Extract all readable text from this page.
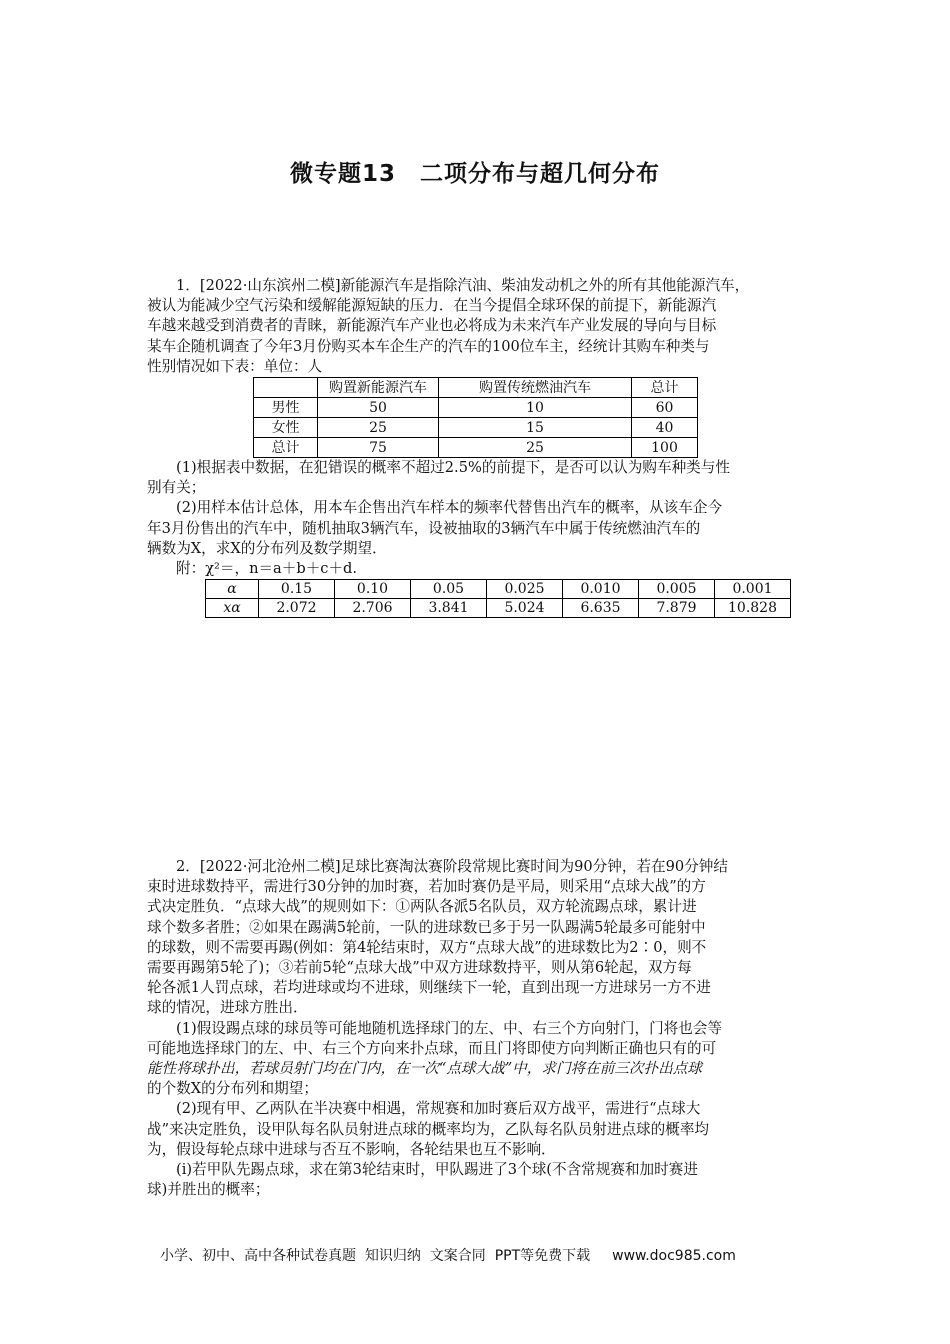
微专题13　二项分布与超几何分布

1．[2022·山东滨州二模]新能源汽车是指除汽油、柴油发动机之外的所有其他能源汽车，

被认为能减少空气污染和缓解能源短缺的压力．在当今提倡全球环保的前提下，新能源汽

车越来越受到消费者的青睐，新能源汽车产业也必将成为未来汽车产业发展的导向与目标

某车企随机调查了今年3月份购买本车企生产的汽车的100位车主，经统计其购车种类与

性别情况如下表：单位：人

	购置新能源汽车	购置传统燃油汽车	总计
男性	50	10	60
女性	25	15	40
总计	75	25	100

(1)根据表中数据，在犯错误的概率不超过2.5%的前提下，是否可以认为购车种类与性

别有关；

(2)用样本估计总体，用本车企售出汽车样本的频率代替售出汽车的概率，从该车企今

年3月份售出的汽车中，随机抽取3辆汽车，设被抽取的3辆汽车中属于传统燃油汽车的

辆数为X，求X的分布列及数学期望．

附：χ²＝，n＝a＋b＋c＋d.

α	0.15	0.10	0.05	0.025	0.010	0.005	0.001
xα	2.072	2.706	3.841	5.024	6.635	7.879	10.828

2．[2022·河北沧州二模]足球比赛淘汰赛阶段常规比赛时间为90分钟，若在90分钟结

束时进球数持平，需进行30分钟的加时赛，若加时赛仍是平局，则采用“点球大战”的方

式决定胜负．“点球大战”的规则如下：①两队各派5名队员，双方轮流踢点球，累计进

球个数多者胜；②如果在踢满5轮前，一队的进球数已多于另一队踢满5轮最多可能射中

的球数，则不需要再踢(例如：第4轮结束时，双方“点球大战”的进球数比为2∶0，则不

需要再踢第5轮了)；③若前5轮“点球大战”中双方进球数持平，则从第6轮起，双方每

轮各派1人罚点球，若均进球或均不进球，则继续下一轮，直到出现一方进球另一方不进

球的情况，进球方胜出．

(1)假设踢点球的球员等可能地随机选择球门的左、中、右三个方向射门，门将也会等

可能地选择球门的左、中、右三个方向来扑点球，而且门将即使方向判断正确也只有的可

能性将球扑出，若球员射门均在门内，在一次“点球大战”中，求门将在前三次扑出点球

的个数X的分布列和期望；

(2)现有甲、乙两队在半决赛中相遇，常规赛和加时赛后双方战平，需进行“点球大

战”来决定胜负，设甲队每名队员射进点球的概率均为，乙队每名队员射进点球的概率均

为，假设每轮点球中进球与否互不影响，各轮结果也互不影响．

(ⅰ)若甲队先踢点球，求在第3轮结束时，甲队踢进了3个球(不含常规赛和加时赛进

球)并胜出的概率；

小学、初中、高中各种试卷真题  知识归纳  文案合同  PPT等免费下载 www.doc985.com
